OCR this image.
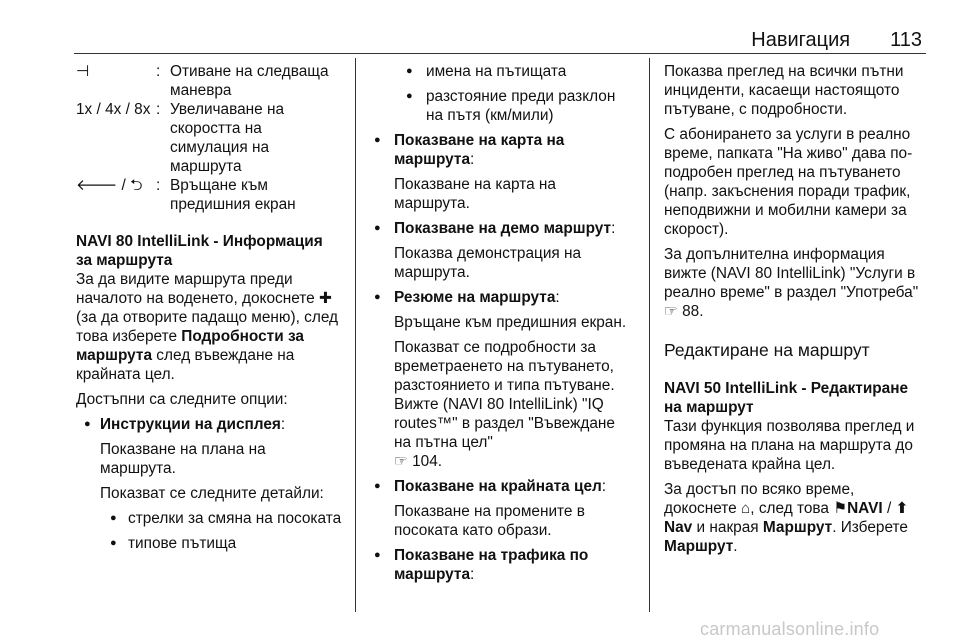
Навигация 113
⊣	:	Отиване на следваща маневра
1x / 4x / 8x	:	Увеличаване на скоростта на симулация на маршрута
🡐 / ⮌	:	Връщане към предишния екран

NAVI 80 IntelliLink - Информация за маршрута

За да видите маршрута преди началото на воденето, докоснете ✚ (за да отворите падащо меню), след това изберете Подробности за маршрута след въвеждане на крайната цел.

Достъпни са следните опции:

● Инструкции на дисплея:

Показване на плана на маршрута.

Показват се следните детайли:

● стрелки за смяна на посоката
● типове пътища
● имена на пътищата
● разстояние преди разклон на пътя (км/мили)
● Показване на карта на маршрута:

Показване на карта на маршрута.

● Показване на демо маршрут:

Показва демонстрация на маршрута.

● Резюме на маршрута:

Връщане към предишния екран.

Показват се подробности за времетраенето на пътуването, разстоянието и типа пътуване. Вижте (NAVI 80 IntelliLink) "IQ routes™" в раздел "Въвеждане на пътна цел"
☞ 104.

● Показване на крайната цел:

Показване на промените в посоката като образи.

● Показване на трафика по маршрута:

Показва преглед на всички пътни инциденти, касаещи настоящото пътуване, с подробности.

С абонирането за услуги в реално време, папката "На живо" дава по-подробен преглед на пътуването (напр. закъснения поради трафик, неподвижни и мобилни камери за скорост).

За допълнителна информация вижте (NAVI 80 IntelliLink) "Услуги в реално време" в раздел "Употреба" ☞ 88.

Редактиране на маршрут

NAVI 50 IntelliLink - Редактиране на маршрут

Тази функция позволява преглед и промяна на плана на маршрута до въведената крайна цел.

За достъп по всяко време, докоснете ⌂, след това ⚑NAVI / ⬆Nav и накрая Маршрут. Изберете Маршрут.

carmanualsonline.info
